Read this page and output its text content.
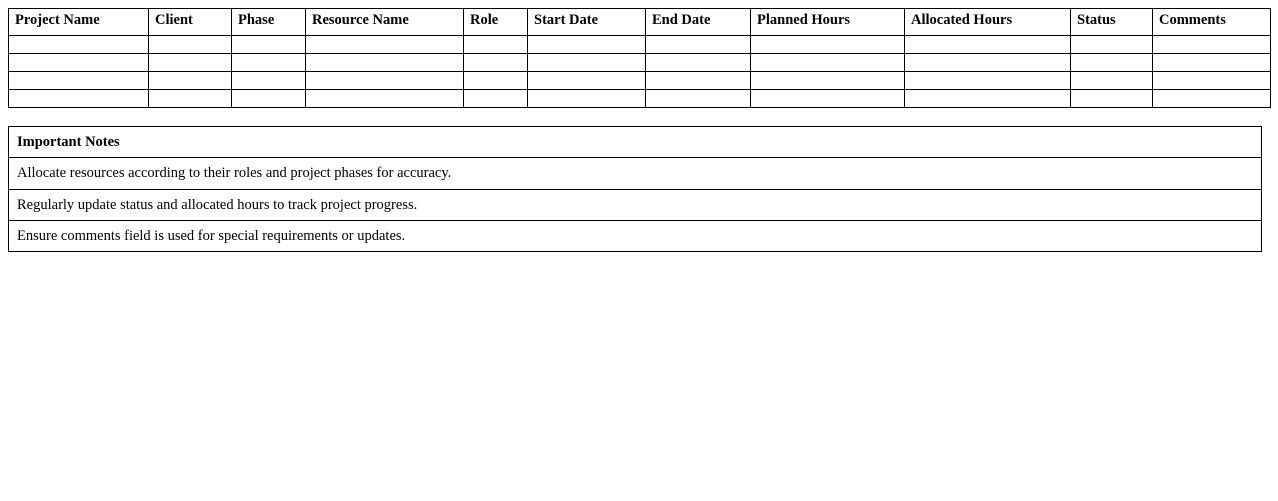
Project Name	Client	Phase	Resource Name	Role	Start Date	End Date	Planned Hours	Allocated Hours	Status	Comments

Important Notes
Allocate resources according to their roles and project phases for accuracy.
Regularly update status and allocated hours to track project progress.
Ensure comments field is used for special requirements or updates.
